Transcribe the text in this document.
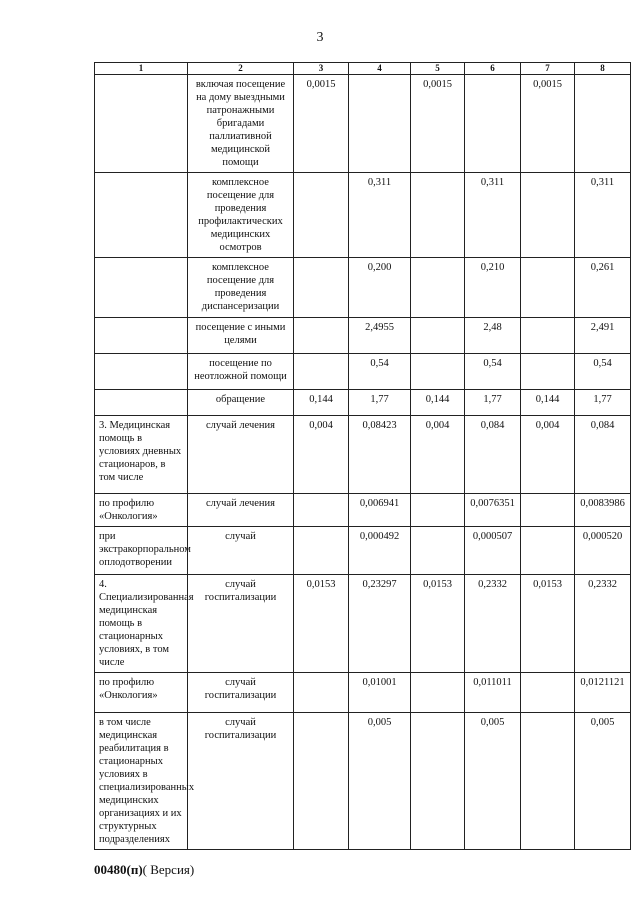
3
1	2	3	4	5	6	7	8
	включая посещение на дому выездными патронажными бригадами паллиативной медицинской помощи	0,0015		0,0015		0,0015	
	комплексное посещение для проведения профилактических медицинских осмотров		0,311		0,311		0,311
	комплексное посещение для проведения диспансеризации		0,200		0,210		0,261
	посещение с иными целями		2,4955		2,48		2,491
	посещение по неотложной помощи		0,54		0,54		0,54
	обращение	0,144	1,77	0,144	1,77	0,144	1,77
3. Медицинская помощь в условиях дневных стационаров, в том числе	случай лечения	0,004	0,08423	0,004	0,084	0,004	0,084
по профилю «Онкология»	случай лечения		0,006941		0,0076351		0,0083986
при экстракорпоральном оплодотворении	случай		0,000492		0,000507		0,000520
4. Специализированная медицинская помощь в стационарных условиях, в том числе	случай госпитализации	0,0153	0,23297	0,0153	0,2332	0,0153	0,2332
по профилю «Онкология»	случай госпитализации		0,01001		0,011011		0,0121121
в том числе медицинская реабилитация в стационарных условиях в специализированных медицинских организациях и их структурных подразделениях	случай госпитализации		0,005		0,005		0,005
00480(п)( Версия)
